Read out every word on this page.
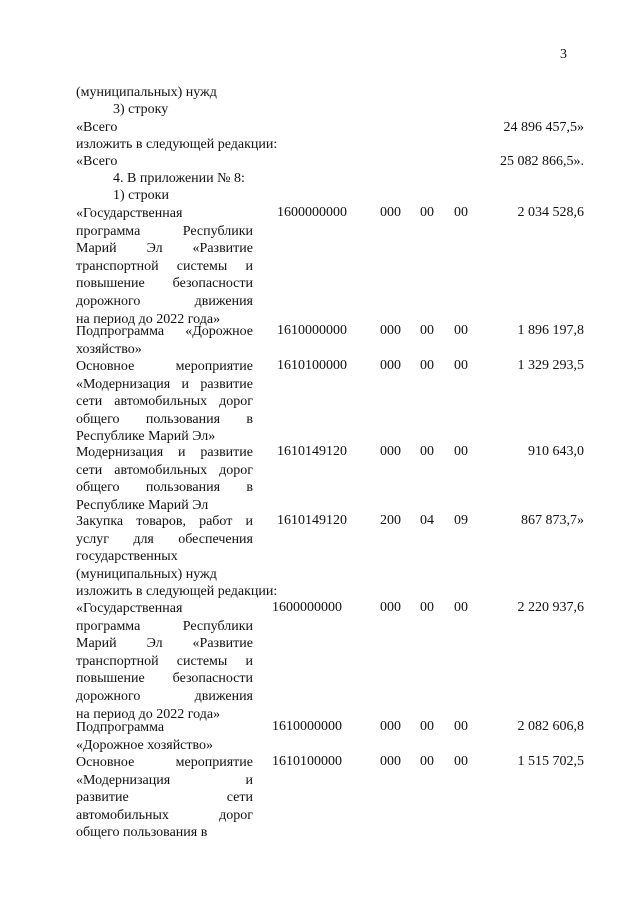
3
(муниципальных) нужд
3) строку
«Всего	24 896 457,5»
изложить в следующей редакции:
«Всего	25 082 866,5».
4. В приложении № 8:
1) строки
«Государственная
программа Республики
Марий Эл «Развитие
транспортной системы и
повышение безопасности
дорожного движения
на период до 2022 года»
1600000000 000 00 00	2 034 528,6
Подпрограмма «Дорожное
хозяйство»
1610000000 000 00 00	1 896 197,8
Основное мероприятие
«Модернизация и развитие
сети автомобильных дорог
общего пользования в
Республике Марий Эл»
1610100000 000 00 00	1 329 293,5
Модернизация и развитие
сети автомобильных дорог
общего пользования в
Республике Марий Эл
1610149120 000 00 00	910 643,0
Закупка товаров, работ и
услуг для обеспечения
государственных
(муниципальных) нужд
1610149120 200 04 09	867 873,7»
изложить в следующей редакции:
«Государственная
программа Республики
Марий Эл «Развитие
транспортной системы и
повышение безопасности
дорожного движения
на период до 2022 года»
1600000000	000 00 00	2 220 937,6
Подпрограмма
«Дорожное хозяйство»
1610000000	000 00 00	2 082 606,8
Основное мероприятие
«Модернизация и
развитие сети
автомобильных дорог
общего пользования в
1610100000	000 00 00	1 515 702,5
